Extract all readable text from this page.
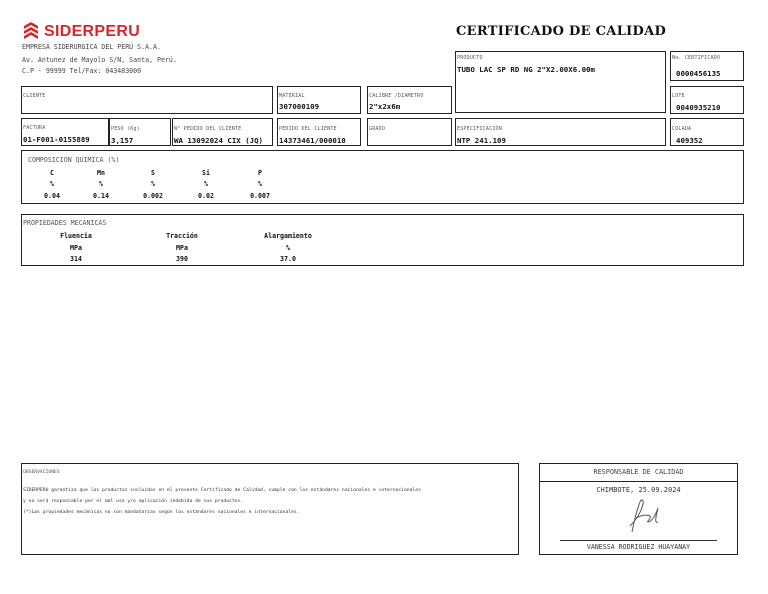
SIDERPERU
EMPRESA SIDERURGICA DEL PERÚ S.A.A.
Av. Antunez de Mayolo S/N, Santa, Perú.
C.P - 99999 Tel/Fax: 043483000
CERTIFICADO DE CALIDAD
PRODUCTO
TUBO LAC SP RD NG 2"X2.00X6.00m
No. CERTIFICADO
0000456135
CLIENTE	MATERIAL
307000109
CALIBRE /DIAMETRO
2"x2x6m
LOTE
0040935210
FACTURA
01-F001-0155889
PESO (Kg)
3,157
N° PEDIDO DEL CLIENTE
WA 13092024 CIX (JQ)
PEDIDO DEL CLIENTE
14373461/000010
GRADO	ESPECIFICACIÓN
NTP 241.109
COLADA
409352
COMPOSICION QUIMICA (%)
C
%
0.04
Mn
%
0.14
S
%
0.002
Si
%
0.02
P
%
0.007
PROPIEDADES MECÁNICAS
Fluencia
MPa
314
Tracción
MPa
390
Alargamiento
%
37.0
OBSERVACIONES
SIDERPERU garantiza que los productos incluidos en el presente Certificado de Calidad, cumple con los estándares nacionales e internacionales
y no será responsable por el mal uso y/o aplicación indebida de sus productos.
(*)Las propiedades mecánicas no son mandatorias según los estándares nacionales e internacionales.
RESPONSABLE DE CALIDAD
CHIMBOTE, 25.09.2024
VANESSA RODRIGUEZ HUAYANAY
